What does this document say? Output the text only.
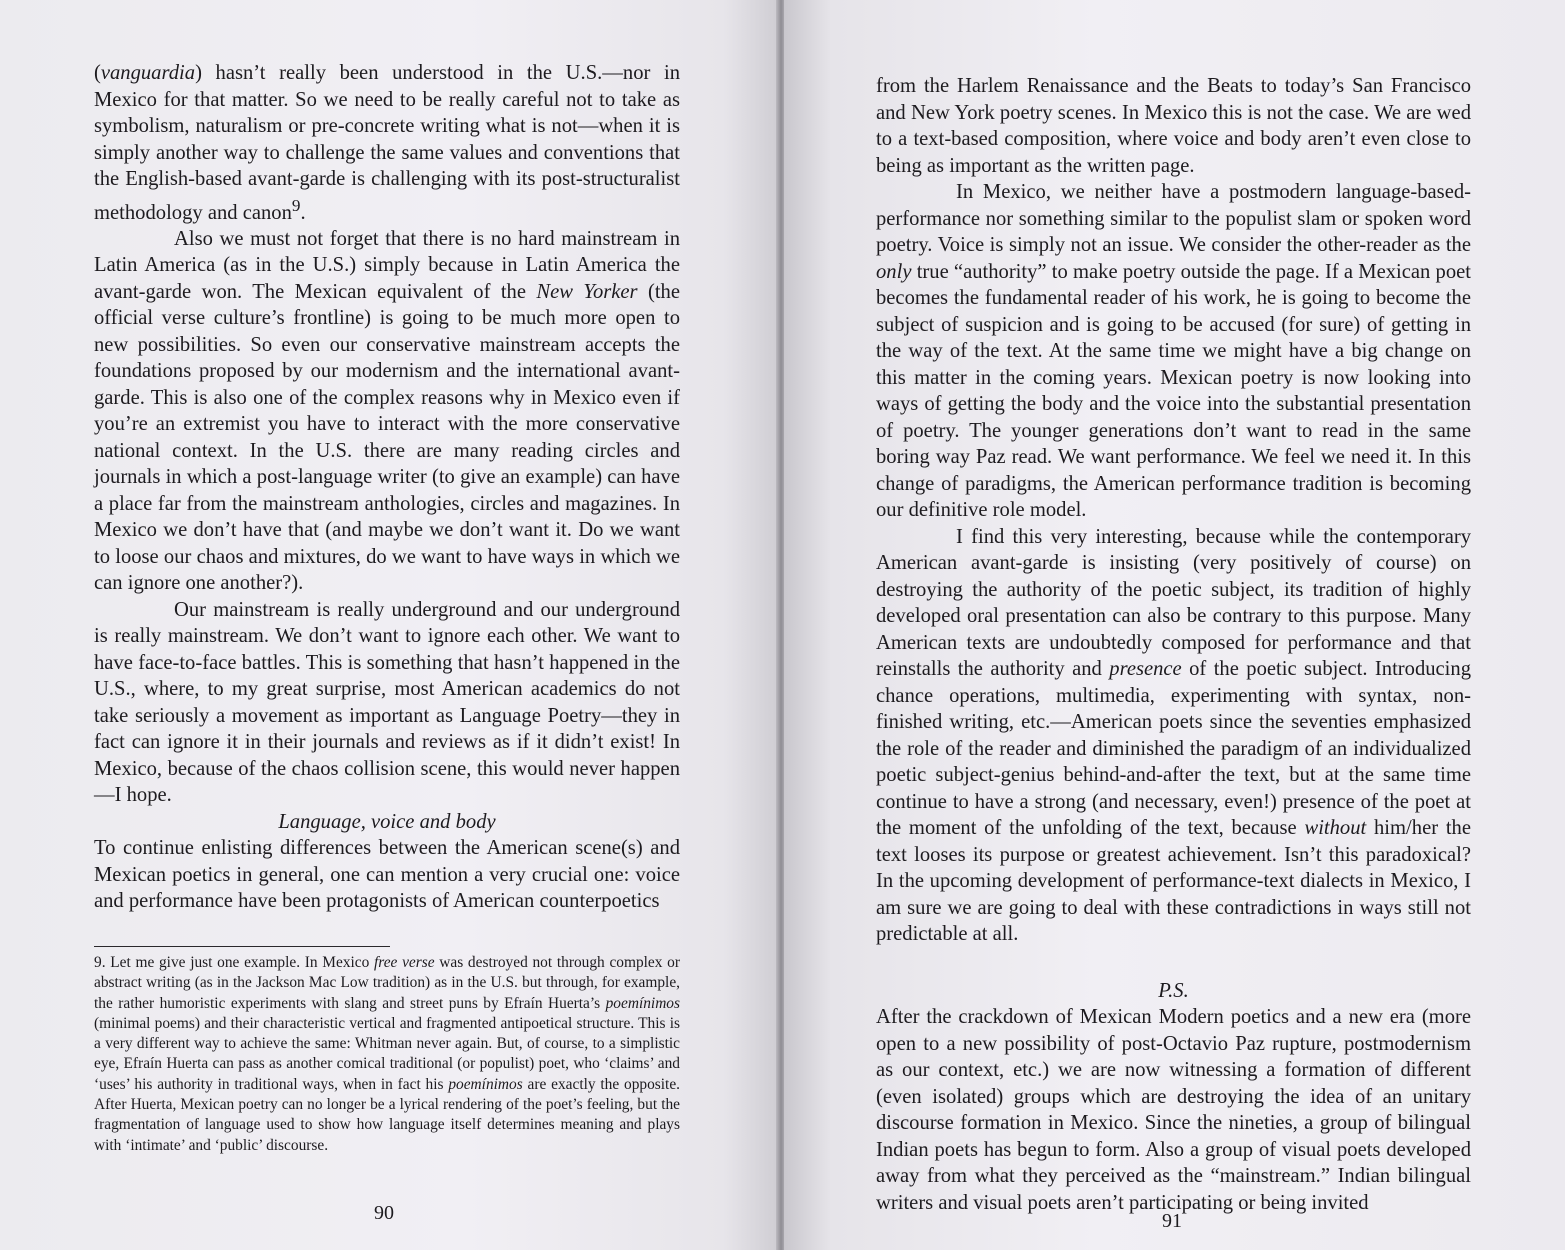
(vanguardia) hasn’t really been understood in the U.S.—nor in Mexico for that matter. So we need to be really careful not to take as symbolism, naturalism or pre-concrete writing what is not—when it is simply another way to challenge the same values and conventions that the English-based avant-garde is challenging with its post-structuralist methodology and canon$^9$.

Also we must not forget that there is no hard mainstream in Latin America (as in the U.S.) simply because in Latin America the avant-garde won. The Mexican equivalent of the New Yorker (the official verse culture’s frontline) is going to be much more open to new possibilities. So even our conservative mainstream accepts the foundations proposed by our modernism and the international avant-garde. This is also one of the complex reasons why in Mexico even if you’re an extremist you have to interact with the more conservative national context. In the U.S. there are many reading circles and journals in which a post-language writer (to give an example) can have a place far from the mainstream anthologies, circles and magazines. In Mexico we don’t have that (and maybe we don’t want it. Do we want to loose our chaos and mixtures, do we want to have ways in which we can ignore one another?).

Our mainstream is really underground and our underground is really mainstream. We don’t want to ignore each other. We want to have face-to-face battles. This is something that hasn’t happened in the U.S., where, to my great surprise, most American academics do not take seriously a movement as important as Language Poetry—they in fact can ignore it in their journals and reviews as if it didn’t exist! In Mexico, because of the chaos collision scene, this would never happen—I hope.

Language, voice and body

To continue enlisting differences between the American scene(s) and Mexican poetics in general, one can mention a very crucial one: voice and performance have been protagonists of American counterpoetics

9. Let me give just one example. In Mexico free verse was destroyed not through complex or abstract writing (as in the Jackson Mac Low tradition) as in the U.S. but through, for example, the rather humoristic experiments with slang and street puns by Efraín Huerta’s poemínimos (minimal poems) and their characteristic vertical and fragmented antipoetical structure. This is a very different way to achieve the same: Whitman never again. But, of course, to a simplistic eye, Efraín Huerta can pass as another comical traditional (or populist) poet, who ‘claims’ and ‘uses’ his authority in traditional ways, when in fact his poemínimos are exactly the opposite. After Huerta, Mexican poetry can no longer be a lyrical rendering of the poet’s feeling, but the fragmentation of language used to show how language itself determines meaning and plays with ‘intimate’ and ‘public’ discourse.
90

from the Harlem Renaissance and the Beats to today’s San Francisco and New York poetry scenes. In Mexico this is not the case. We are wed to a text-based composition, where voice and body aren’t even close to being as important as the written page.

In Mexico, we neither have a postmodern language-based-performance nor something similar to the populist slam or spoken word poetry. Voice is simply not an issue. We consider the other-reader as the only true “authority” to make poetry outside the page. If a Mexican poet becomes the fundamental reader of his work, he is going to become the subject of suspicion and is going to be accused (for sure) of getting in the way of the text. At the same time we might have a big change on this matter in the coming years. Mexican poetry is now looking into ways of getting the body and the voice into the substantial presentation of poetry. The younger generations don’t want to read in the same boring way Paz read. We want performance. We feel we need it. In this change of paradigms, the American performance tradition is becoming our definitive role model.

I find this very interesting, because while the contemporary American avant-garde is insisting (very positively of course) on destroying the authority of the poetic subject, its tradition of highly developed oral presentation can also be contrary to this purpose. Many American texts are undoubtedly composed for performance and that reinstalls the authority and presence of the poetic subject. Introducing chance operations, multimedia, experimenting with syntax, non-finished writing, etc.—American poets since the seventies emphasized the role of the reader and diminished the paradigm of an individualized poetic subject-genius behind-and-after the text, but at the same time continue to have a strong (and necessary, even!) presence of the poet at the moment of the unfolding of the text, because without him/her the text looses its purpose or greatest achievement. Isn’t this paradoxical? In the upcoming development of performance-text dialects in Mexico, I am sure we are going to deal with these contradictions in ways still not predictable at all.

P.S.

After the crackdown of Mexican Modern poetics and a new era (more open to a new possibility of post-Octavio Paz rupture, postmodernism as our context, etc.) we are now witnessing a formation of different (even isolated) groups which are destroying the idea of an unitary discourse formation in Mexico. Since the nineties, a group of bilingual Indian poets has begun to form. Also a group of visual poets developed away from what they perceived as the “mainstream.” Indian bilingual writers and visual poets aren’t participating or being invited

91
